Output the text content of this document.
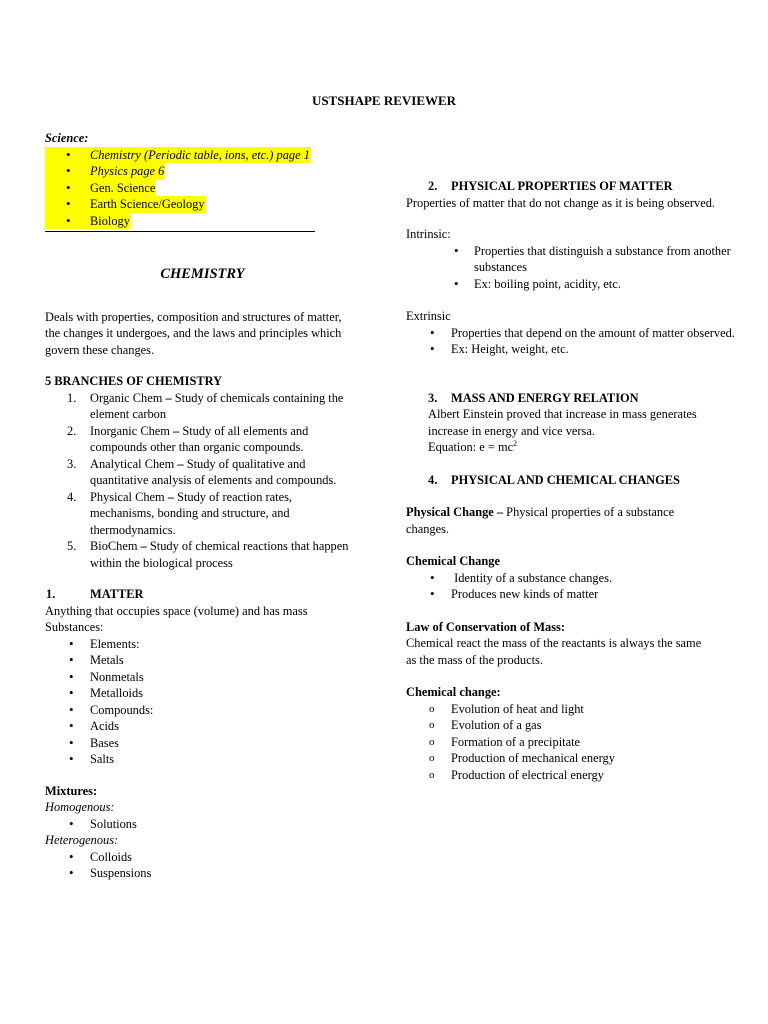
USTSHAPE REVIEWER

Science:

• Chemistry (Periodic table, ions, etc.) page 1
• Physics page 6
• Gen. Science
• Earth Science/Geology
• Biology
CHEMISTRY

Deals with properties, composition and structures of matter, the changes it undergoes, and the laws and principles which govern these changes.

5 BRANCHES OF CHEMISTRY

1. Organic Chem – Study of chemicals containing the element carbon
2. Inorganic Chem – Study of all elements and compounds other than organic compounds.
3. Analytical Chem – Study of qualitative and quantitative analysis of elements and compounds.
4. Physical Chem – Study of reaction rates, mechanisms, bonding and structure, and thermodynamics.
5. BioChem – Study of chemical reactions that happen within the biological process

1.	MATTER

Anything that occupies space (volume) and has mass

Substances:

• Elements:
• Metals
• Nonmetals
• Metalloids
• Compounds:
• Acids
• Bases
• Salts

Mixtures:

Homogenous:

• Solutions

Heterogenous:

• Colloids
• Suspensions

2. PHYSICAL PROPERTIES OF MATTER

Properties of matter that do not change as it is being observed.

Intrinsic:

• Properties that distinguish a substance from another substances
• Ex: boiling point, acidity, etc.

Extrinsic

• Properties that depend on the amount of matter observed.
• Ex: Height, weight, etc.

3. MASS AND ENERGY RELATION

Albert Einstein proved that increase in mass generates increase in energy and vice versa.

Equation: $e = mc^2$

4. PHYSICAL AND CHEMICAL CHANGES

Physical Change – Physical properties of a substance changes.

Chemical Change

•  Identity of a substance changes.
• Produces new kinds of matter

Law of Conservation of Mass:

Chemical react the mass of the reactants is always the same as the mass of the products.

Chemical change:

o Evolution of heat and light
o Evolution of a gas
o Formation of a precipitate
o Production of mechanical energy
o Production of electrical energy
